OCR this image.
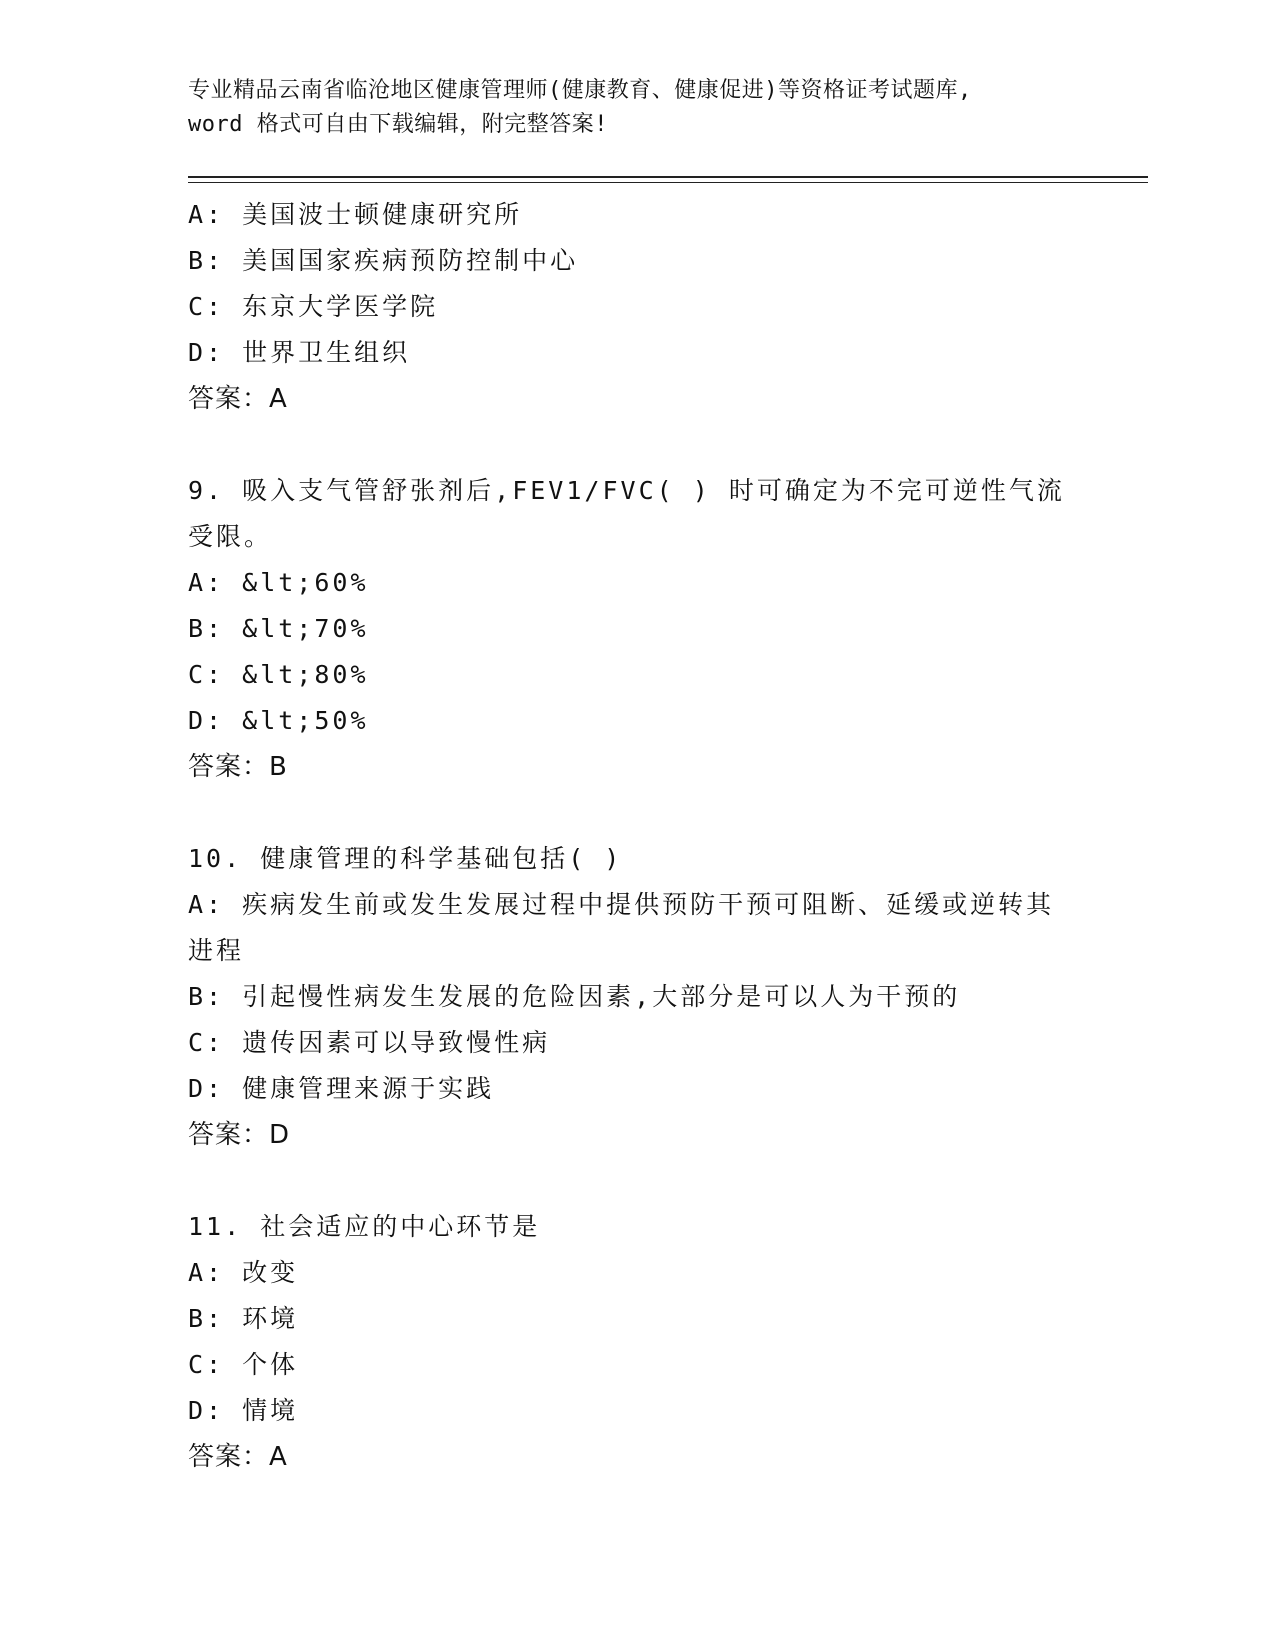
专业精品云南省临沧地区健康管理师(健康教育、健康促进)等资格证考试题库,
word 格式可自由下载编辑，附完整答案!
A: 美国波士顿健康研究所
B: 美国国家疾病预防控制中心
C: 东京大学医学院
D: 世界卫生组织
答案：A
9. 吸入支气管舒张剂后,FEV1/FVC( ) 时可确定为不完可逆性气流受限。
A: &lt;60%
B: &lt;70%
C: &lt;80%
D: &lt;50%
答案：B
10. 健康管理的科学基础包括( )
A: 疾病发生前或发生发展过程中提供预防干预可阻断、延缓或逆转其进程
B: 引起慢性病发生发展的危险因素,大部分是可以人为干预的
C: 遗传因素可以导致慢性病
D: 健康管理来源于实践
答案：D
11. 社会适应的中心环节是
A: 改变
B: 环境
C: 个体
D: 情境
答案：A
